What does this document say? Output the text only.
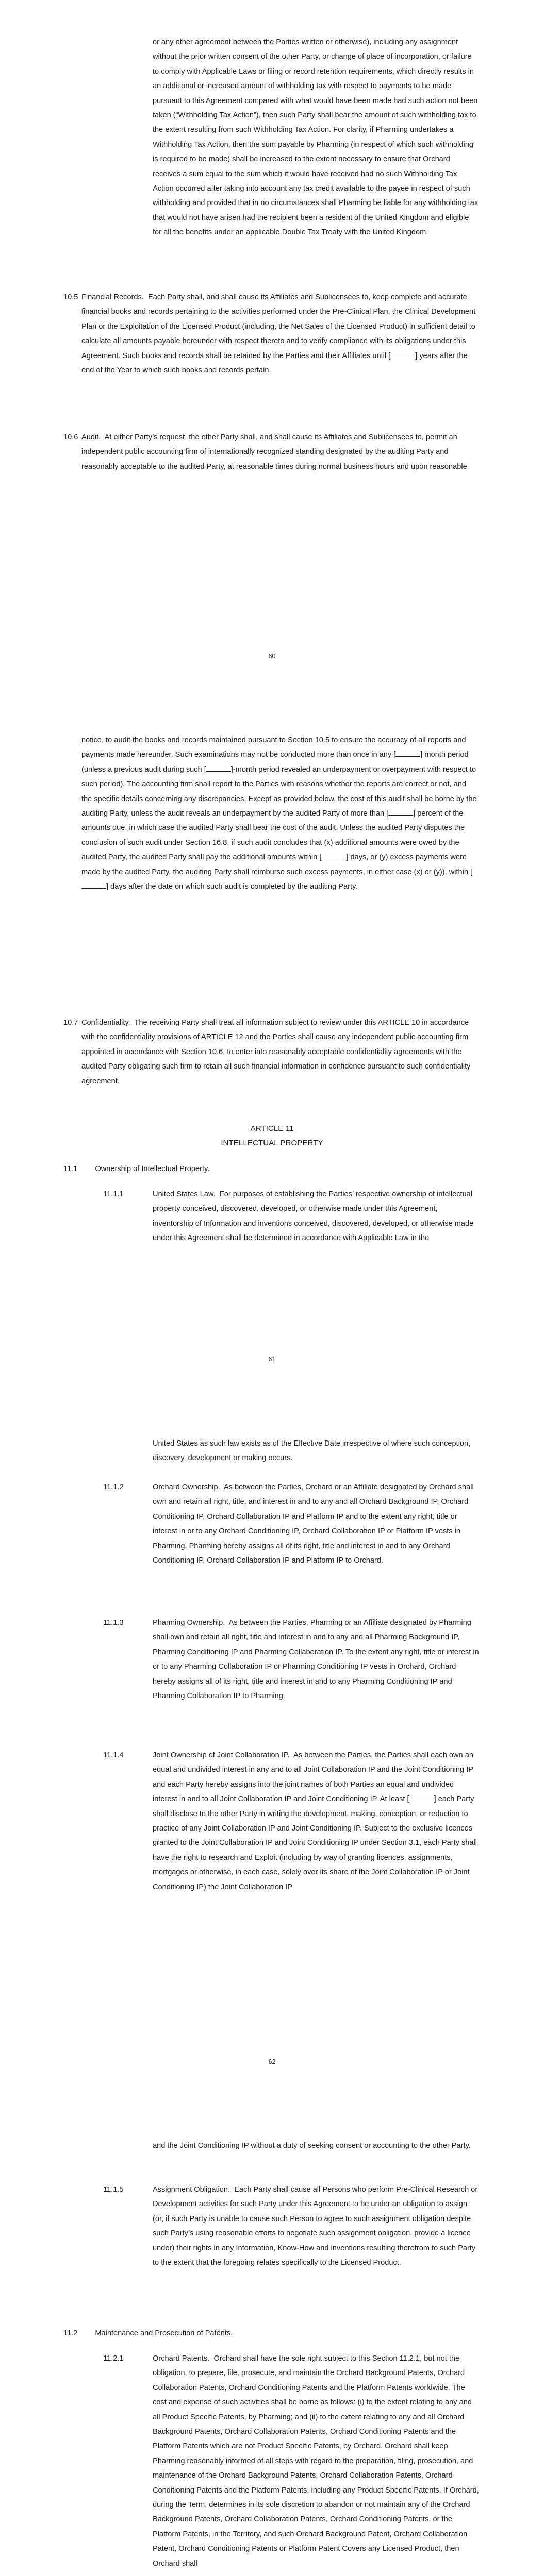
or any other agreement between the Parties written or otherwise), including any assignment without the prior written consent of the other Party, or change of place of incorporation, or failure to comply with Applicable Laws or filing or record retention requirements, which directly results in an additional or increased amount of withholding tax with respect to payments to be made pursuant to this Agreement compared with what would have been made had such action not been taken (“Withholding Tax Action”), then such Party shall bear the amount of such withholding tax to the extent resulting from such Withholding Tax Action. For clarity, if Pharming undertakes a Withholding Tax Action, then the sum payable by Pharming (in respect of which such withholding is required to be made) shall be increased to the extent necessary to ensure that Orchard receives a sum equal to the sum which it would have received had no such Withholding Tax Action occurred after taking into account any tax credit available to the payee in respect of such withholding and provided that in no circumstances shall Pharming be liable for any withholding tax that would not have arisen had the recipient been a resident of the United Kingdom and eligible for all the benefits under an applicable Double Tax Treaty with the United Kingdom.

10.5 Financial Records. Each Party shall, and shall cause its Affiliates and Sublicensees to, keep complete and accurate financial books and records pertaining to the activities performed under the Pre-Clinical Plan, the Clinical Development Plan or the Exploitation of the Licensed Product (including, the Net Sales of the Licensed Product) in sufficient detail to calculate all amounts payable hereunder with respect thereto and to verify compliance with its obligations under this Agreement. Such books and records shall be retained by the Parties and their Affiliates until [	] years after the end of the Year to which such books and records pertain.

10.6 Audit. At either Party’s request, the other Party shall, and shall cause its Affiliates and Sublicensees to, permit an independent public accounting firm of internationally recognized standing designated by the auditing Party and reasonably acceptable to the audited Party, at reasonable times during normal business hours and upon reasonable

60

notice, to audit the books and records maintained pursuant to Section 10.5 to ensure the accuracy of all reports and payments made hereunder. Such examinations may not be conducted more than once in any [	] month period (unless a previous audit during such [	]-month period revealed an underpayment or overpayment with respect to such period). The accounting firm shall report to the Parties with reasons whether the reports are correct or not, and the specific details concerning any discrepancies. Except as provided below, the cost of this audit shall be borne by the auditing Party, unless the audit reveals an underpayment by the audited Party of more than [	] percent of the amounts due, in which case the audited Party shall bear the cost of the audit. Unless the audited Party disputes the conclusion of such audit under Section 16.8, if such audit concludes that (x) additional amounts were owed by the audited Party, the audited Party shall pay the additional amounts within [	] days, or (y) excess payments were made by the audited Party, the auditing Party shall reimburse such excess payments, in either case (x) or (y)), within [] days after the date on which such audit is completed by the auditing Party.

10.7 Confidentiality. The receiving Party shall treat all information subject to review under this ARTICLE 10 in accordance with the confidentiality provisions of ARTICLE 12 and the Parties shall cause any independent public accounting firm appointed in accordance with Section 10.6, to enter into reasonably acceptable confidentiality agreements with the audited Party obligating such firm to retain all such financial information in confidence pursuant to such confidentiality agreement.

ARTICLE 11

INTELLECTUAL PROPERTY

11.1 Ownership of Intellectual Property.

11.1.1	United States Law. For purposes of establishing the Parties’ respective ownership of intellectual property conceived, discovered, developed, or otherwise made under this Agreement, inventorship of Information and inventions conceived, discovered, developed, or otherwise made under this Agreement shall be determined in accordance with Applicable Law in the

61

United States as such law exists as of the Effective Date irrespective of where such conception, discovery, development or making occurs.

11.1.2	Orchard Ownership. As between the Parties, Orchard or an Affiliate designated by Orchard shall own and retain all right, title, and interest in and to any and all Orchard Background IP, Orchard Conditioning IP, Orchard Collaboration IP and Platform IP and to the extent any right, title or interest in or to any Orchard Conditioning IP, Orchard Collaboration IP or Platform IP vests in Pharming, Pharming hereby assigns all of its right, title and interest in and to any Orchard Conditioning IP, Orchard Collaboration IP and Platform IP to Orchard.

11.1.3	Pharming Ownership. As between the Parties, Pharming or an Affiliate designated by Pharming shall own and retain all right, title and interest in and to any and all Pharming Background IP, Pharming Conditioning IP and Pharming Collaboration IP. To the extent any right, title or interest in or to any Pharming Collaboration IP or Pharming Conditioning IP vests in Orchard, Orchard hereby assigns all of its right, title and interest in and to any Pharming Conditioning IP and Pharming Collaboration IP to Pharming.

11.1.4	Joint Ownership of Joint Collaboration IP. As between the Parties, the Parties shall each own an equal and undivided interest in any and to all Joint Collaboration IP and the Joint Conditioning IP and each Party hereby assigns into the joint names of both Parties an equal and undivided interest in and to all Joint Collaboration IP and Joint Conditioning IP. At least [	] each Party shall disclose to the other Party in writing the development, making, conception, or reduction to practice of any Joint Collaboration IP and Joint Conditioning IP. Subject to the exclusive licences granted to the Joint Collaboration IP and Joint Conditioning IP under Section 3.1, each Party shall have the right to research and Exploit (including by way of granting licences, assignments, mortgages or otherwise, in each case, solely over its share of the Joint Collaboration IP or Joint Conditioning IP) the Joint Collaboration IP

62

and the Joint Conditioning IP without a duty of seeking consent or accounting to the other Party.

11.1.5	Assignment Obligation. Each Party shall cause all Persons who perform Pre-Clinical Research or Development activities for such Party under this Agreement to be under an obligation to assign (or, if such Party is unable to cause such Person to agree to such assignment obligation despite such Party’s using reasonable efforts to negotiate such assignment obligation, provide a licence under) their rights in any Information, Know-How and inventions resulting therefrom to such Party to the extent that the foregoing relates specifically to the Licensed Product.

11.2 Maintenance and Prosecution of Patents.

11.2.1	Orchard Patents. Orchard shall have the sole right subject to this Section 11.2.1, but not the obligation, to prepare, file, prosecute, and maintain the Orchard Background Patents, Orchard Collaboration Patents, Orchard Conditioning Patents and the Platform Patents worldwide. The cost and expense of such activities shall be borne as follows: (i) to the extent relating to any and all Product Specific Patents, by Pharming; and (ii) to the extent relating to any and all Orchard Background Patents, Orchard Collaboration Patents, Orchard Conditioning Patents and the Platform Patents which are not Product Specific Patents, by Orchard. Orchard shall keep Pharming reasonably informed of all steps with regard to the preparation, filing, prosecution, and maintenance of the Orchard Background Patents, Orchard Collaboration Patents, Orchard Conditioning Patents and the Platform Patents, including any Product Specific Patents. If Orchard, during the Term, determines in its sole discretion to abandon or not maintain any of the Orchard Background Patents, Orchard Collaboration Patents, Orchard Conditioning Patents, or the Platform Patents, in the Territory, and such Orchard Background Patent, Orchard Collaboration Patent, Orchard Conditioning Patents or Platform Patent Covers any Licensed Product, then Orchard shall
